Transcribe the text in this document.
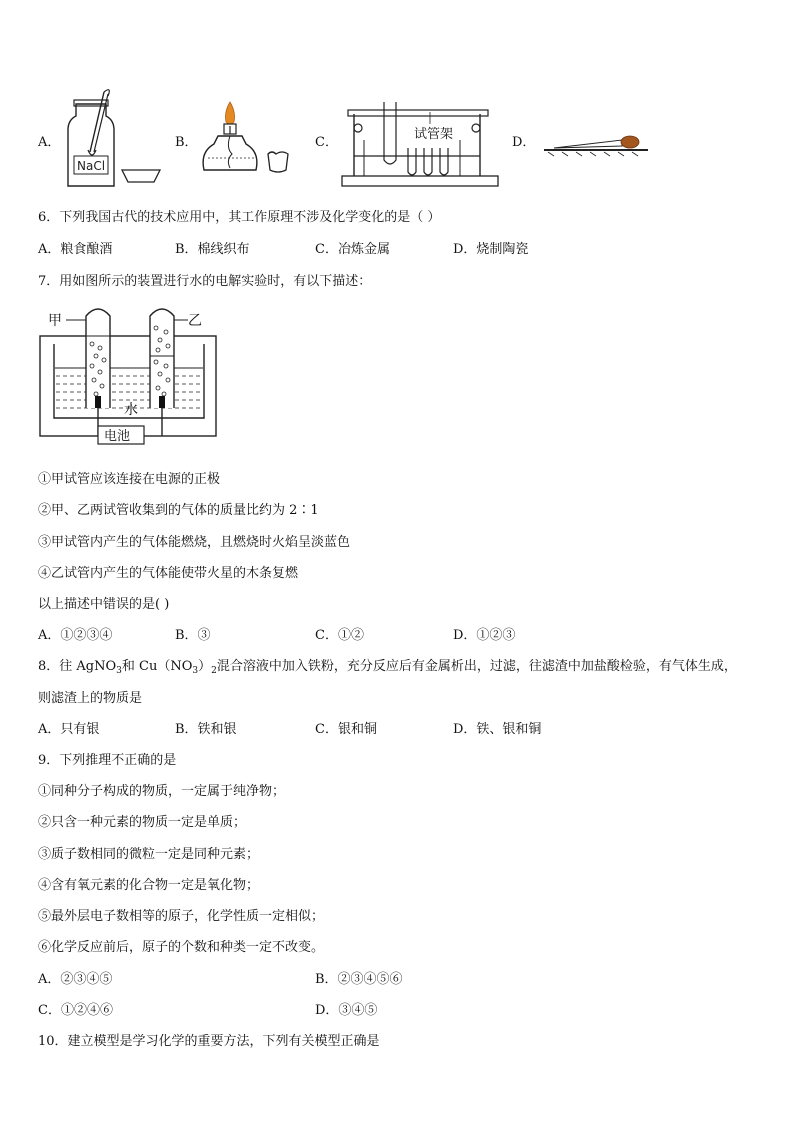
A．
NaCl
B．	C．
试管架
D．
6．下列我国古代的技术应用中，其工作原理不涉及化学变化的是（ ）
A．粮食酿酒	B．棉线织布	C．冶炼金属	D．烧制陶瓷
7．用如图所示的装置进行水的电解实验时，有以下描述：
甲	乙
水
电池
①甲试管应该连接在电源的正极
②甲、乙两试管收集到的气体的质量比约为 2∶1
③甲试管内产生的气体能燃烧，且燃烧时火焰呈淡蓝色
④乙试管内产生的气体能使带火星的木条复燃
以上描述中错误的是( )
A．①②③④	B．③	C．①②	D．①②③
8．往 AgNO$_3$和 $Cu(NO_3)_2$混合溶液中加入铁粉，充分反应后有金属析出，过滤，往滤渣中加盐酸检验，有气体生成，
则滤渣上的物质是
A．只有银	B．铁和银	C．银和铜	D．铁、银和铜
9．下列推理不正确的是
①同种分子构成的物质，一定属于纯净物；
②只含一种元素的物质一定是单质；
③质子数相同的微粒一定是同种元素；
④含有氧元素的化合物一定是氧化物；
⑤最外层电子数相等的原子，化学性质一定相似；
⑥化学反应前后，原子的个数和种类一定不改变。
A．②③④⑤	B．②③④⑤⑥
C．①②④⑥	D．③④⑤
10．建立模型是学习化学的重要方法，下列有关模型正确是
